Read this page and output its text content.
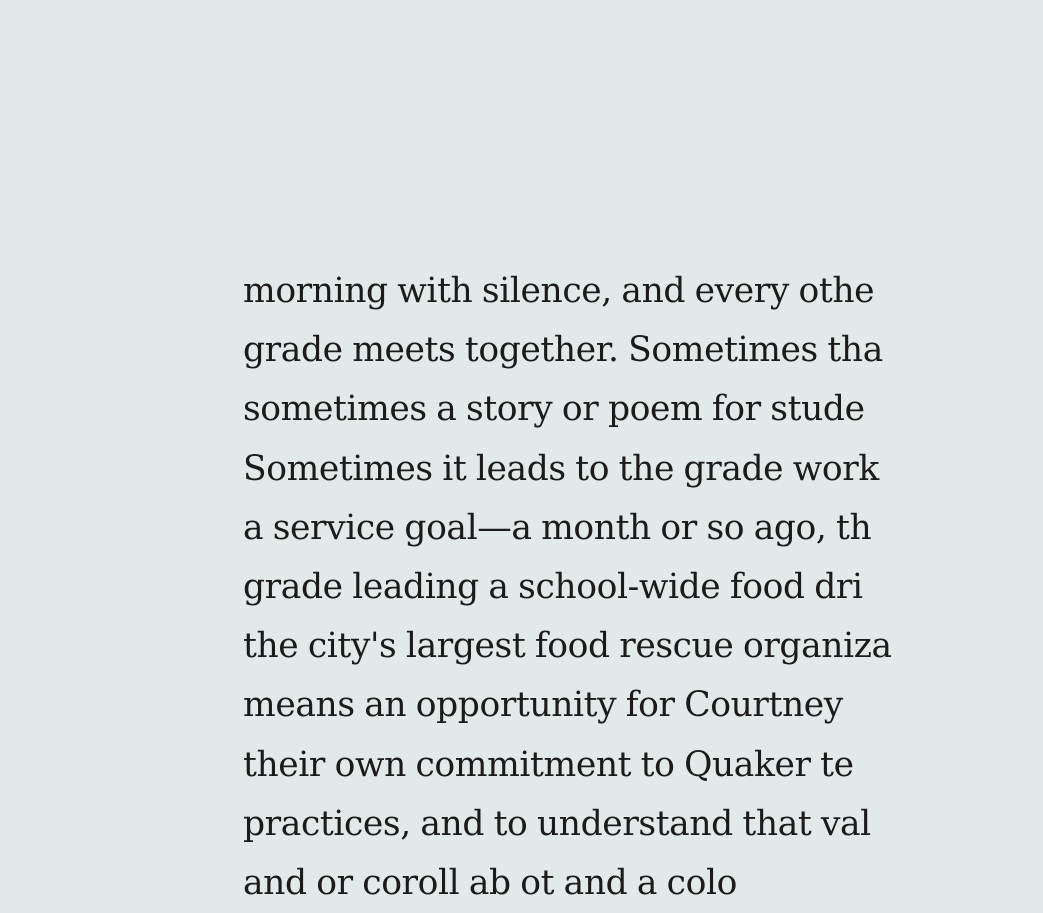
morning with silence, and every othe
grade meets together. Sometimes tha
sometimes a story or poem for stude
Sometimes it leads to the grade work
a service goal—a month or so ago, th
grade leading a school-wide food dri
the city's largest food rescue organiza
means an opportunity for Courtney
their own commitment to Quaker te
practices, and to understand that val
and or coroll ab ot and a colo
